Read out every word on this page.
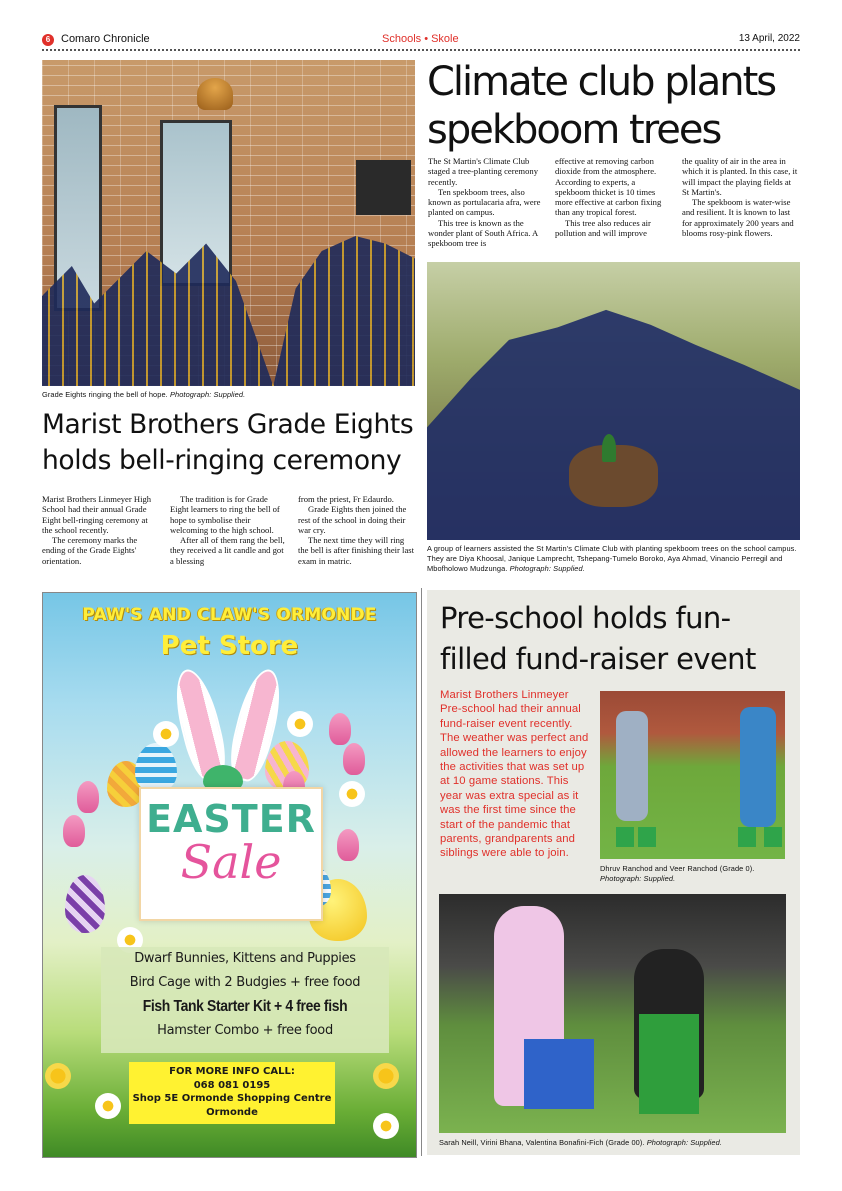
6 Comaro Chronicle	Schools • Skole	13 April, 2022
Grade Eights ringing the bell of hope. Photograph: Supplied.
Marist Brothers Grade Eights
holds bell-ringing ceremony

Marist Brothers Linmeyer High School had their annual Grade Eight bell-ringing ceremony at the school recently.

The ceremony marks the ending of the Grade Eights' orientation.

The tradition is for Grade Eight learners to ring the bell of hope to symbolise their welcoming to the high school.

After all of them rang the bell, they received a lit candle and got a blessing

from the priest, Fr Edaurdo.

Grade Eights then joined the rest of the school in doing their war cry.

The next time they will ring the bell is after finishing their last exam in matric.

Climate club plants
spekboom trees

The St Martin's Climate Club staged a tree-planting ceremony recently.

Ten spekboom trees, also known as portulacaria afra, were planted on campus.

This tree is known as the wonder plant of South Africa. A spekboom tree is

effective at removing carbon dioxide from the atmosphere. According to experts, a spekboom thicket is 10 times more effective at carbon fixing than any tropical forest.

This tree also reduces air pollution and will improve

the quality of air in the area in which it is planted. In this case, it will impact the playing fields at St Martin's.

The spekboom is water-wise and resilient. It is known to last for approximately 200 years and blooms rosy-pink flowers.

A group of learners assisted the St Martin's Climate Club with planting spekboom trees on the school campus. They are Diya Khoosal, Janique Lamprecht, Tshepang-Tumelo Boroko, Aya Ahmad, Vinancio Perregil and Mbofholowo Mudzunga. Photograph: Supplied.
PAW'S AND CLAW'S ORMONDE
Pet Store
EASTER
Sale
Dwarf Bunnies, Kittens and Puppies
Bird Cage with 2 Budgies + free food
Fish Tank Starter Kit + 4 free fish
Hamster Combo + free food
FOR MORE INFO CALL:
068 081 0195
Shop 5E Ormonde Shopping Centre
Ormonde
Pre-school holds fun-
filled fund-raiser event
Marist Brothers Linmeyer Pre-school had their annual fund-raiser event recently. The weather was perfect and allowed the learners to enjoy the activities that was set up at 10 game stations. This year was extra special as it was the first time since the start of the pandemic that parents, grandparents and siblings were able to join.
Dhruv Ranchod and Veer Ranchod (Grade 0).
Photograph: Supplied.
Sarah Neill, Virini Bhana, Valentina Bonafini-Fich (Grade 00). Photograph: Supplied.
